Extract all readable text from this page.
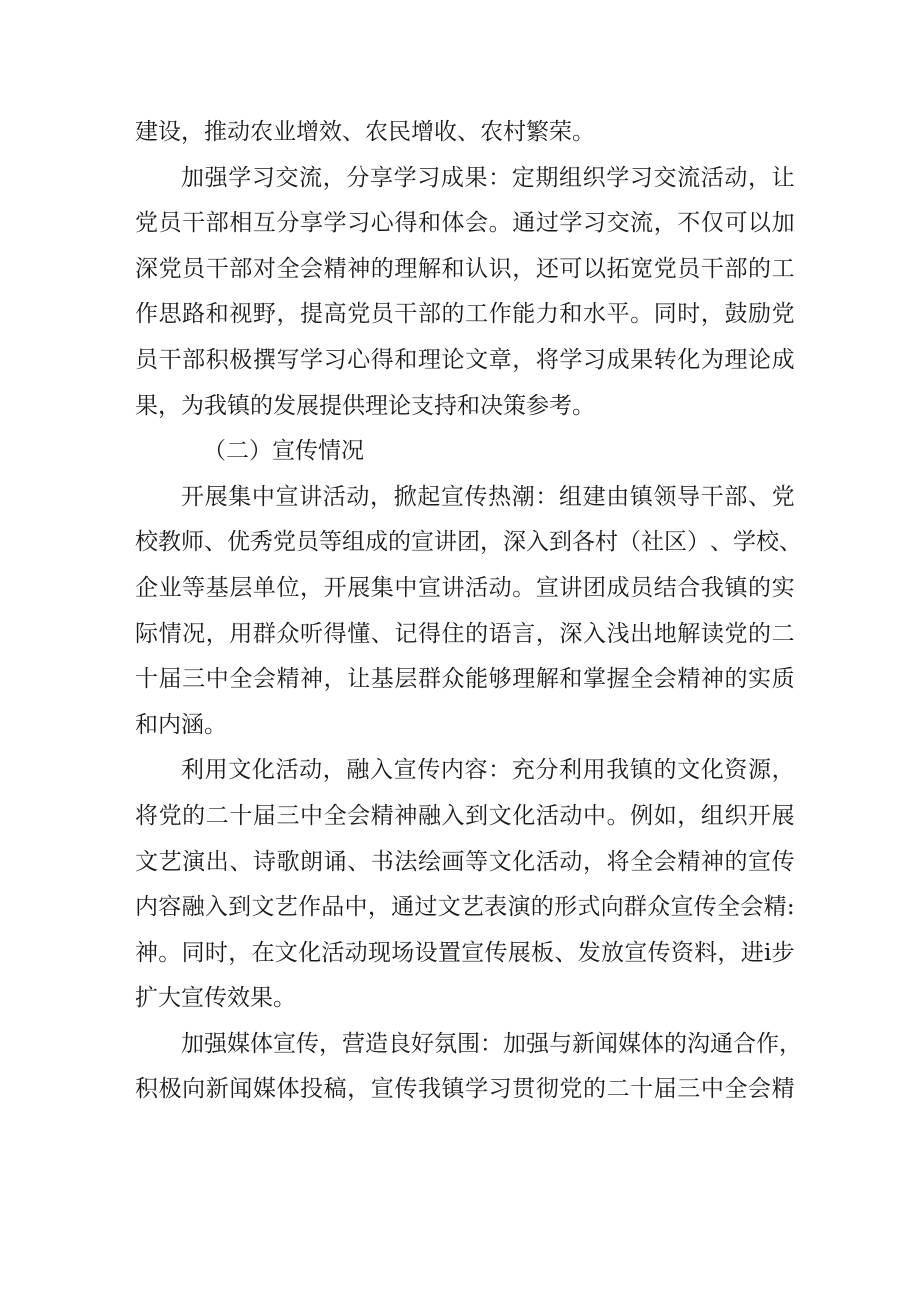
建设，推动农业增效、农民增收、农村繁荣。
加 强 学 习 交 流 ， 分 享 学 习 成 果 ： 定 期 组 织 学 习 交 流 活 动 ， 让
党 员 干 部 相 互 分 享 学 习 心 得 和 体 会 。 通 过 学 习 交 流 ， 不 仅 可 以 加
深 党 员 干 部 对 全 会 精 神 的 理 解 和 认 识 ， 还 可 以 拓 宽 党 员 干 部 的 工
作 思 路 和 视 野 ， 提 高 党 员 干 部 的 工 作 能 力 和 水 平 。 同 时 ， 鼓 励 党
员 干 部 积 极 撰 写 学 习 心 得 和 理 论 文 章 ， 将 学 习 成 果 转 化 为 理 论 成
果，为我镇的发展提供理论支持和决策参考。
（二）宣传情况
开 展 集 中 宣 讲 活 动 ， 掀 起 宣 传 热 潮 ： 组 建 由 镇 领 导 干 部 、 党
校 教 师 、 优 秀 党 员 等 组 成 的 宣 讲 团 ， 深 入 到 各 村 （ 社 区 ） 、 学 校 、
企 业 等 基 层 单 位 ， 开 展 集 中 宣 讲 活 动 。 宣 讲 团 成 员 结 合 我 镇 的 实
际 情 况 ， 用 群 众 听 得 懂 、 记 得 住 的 语 言 ， 深 入 浅 出 地 解 读 党 的 二
十 届 三 中 全 会 精 神 ， 让 基 层 群 众 能 够 理 解 和 掌 握 全 会 精 神 的 实 质
和内涵。
利 用 文 化 活 动 ， 融 入 宣 传 内 容 ： 充 分 利 用 我 镇 的 文 化 资 源 ，
将 党 的 二 十 届 三 中 全 会 精 神 融 入 到 文 化 活 动 中 。 例 如 ， 组 织 开 展
文 艺 演 出 、 诗 歌 朗 诵 、 书 法 绘 画 等 文 化 活 动 ， 将 全 会 精 神 的 宣 传
内 容 融 入 到 文 艺 作 品 中 ， 通 过 文 艺 表 演 的 形 式 向 群 众 宣 传 全 会 精 :
神 。 同 时 ， 在 文 化 活 动 现 场 设 置 宣 传 展 板 、 发 放 宣 传 资 料 ， 进 i 步
扩大宣传效果。
加 强 媒 体 宣 传 ， 营 造 良 好 氛 围 ： 加 强 与 新 闻 媒 体 的 沟 通 合 作 ，
积 极 向 新 闻 媒 体 投 稿 ， 宣 传 我 镇 学 习 贯 彻 党 的 二 十 届 三 中 全 会 精
